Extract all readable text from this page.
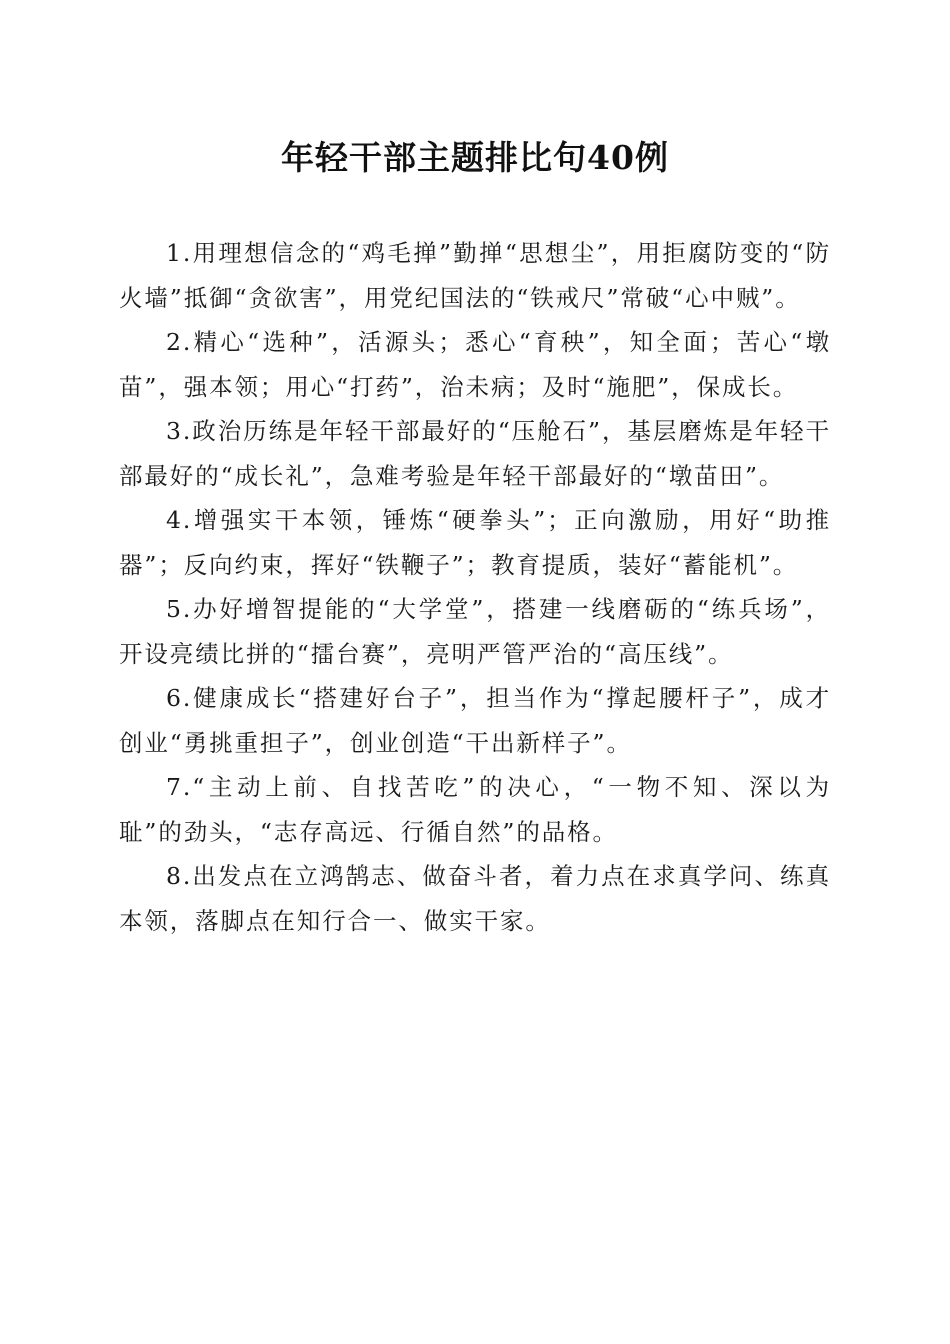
年轻干部主题排比句40例

1.用理想信念的“鸡毛掸”勤掸“思想尘”，用拒腐防变的“防火墙”抵御“贪欲害”，用党纪国法的“铁戒尺”常破“心中贼”。

2.精心“选种”，活源头；悉心“育秧”，知全面；苦心“墩苗”，强本领；用心“打药”，治未病；及时“施肥”，保成长。

3.政治历练是年轻干部最好的“压舱石”，基层磨炼是年轻干部最好的“成长礼”，急难考验是年轻干部最好的“墩苗田”。

4.增强实干本领，锤炼“硬拳头”；正向激励，用好“助推器”；反向约束，挥好“铁鞭子”；教育提质，装好“蓄能机”。

5.办好增智提能的“大学堂”，搭建一线磨砺的“练兵场”，开设亮绩比拼的“擂台赛”，亮明严管严治的“高压线”。

6.健康成长“搭建好台子”，担当作为“撑起腰杆子”，成才创业“勇挑重担子”，创业创造“干出新样子”。

7.“主动上前、自找苦吃”的决心，“一物不知、深以为耻”的劲头，“志存高远、行循自然”的品格。

8.出发点在立鸿鹄志、做奋斗者，着力点在求真学问、练真本领，落脚点在知行合一、做实干家。
